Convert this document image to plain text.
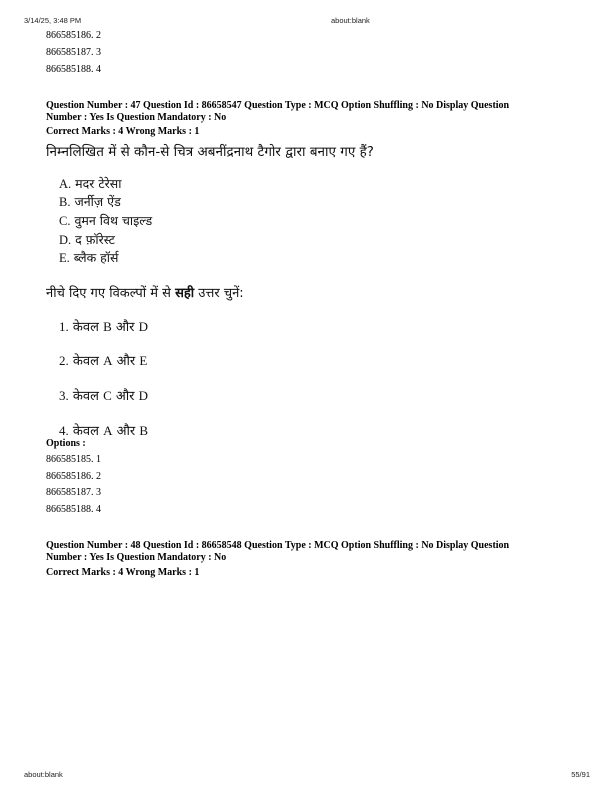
3/14/25, 3:48 PM	about:blank
866585186. 2
866585187. 3
866585188. 4
Question Number : 47 Question Id : 86658547 Question Type : MCQ Option Shuffling : No Display Question
Number : Yes Is Question Mandatory : No
Correct Marks : 4 Wrong Marks : 1
निम्नलिखित में से कौन-से चित्र अबनींद्रनाथ टैगोर द्वारा बनाए गए हैं?
A. मदर टेरेसा
B. जर्नीज़ ऐंड
C. वुमन विथ चाइल्ड
D. द फ़ॉरेस्ट
E. ब्लैक हॉर्स
नीचे दिए गए विकल्पों में से सही उत्तर चुनें:
1. केवल B और D
2. केवल A और E
3. केवल C और D
4. केवल A और B
Options :
866585185. 1
866585186. 2
866585187. 3
866585188. 4
Question Number : 48 Question Id : 86658548 Question Type : MCQ Option Shuffling : No Display Question
Number : Yes Is Question Mandatory : No
Correct Marks : 4 Wrong Marks : 1
about:blank	55/91
